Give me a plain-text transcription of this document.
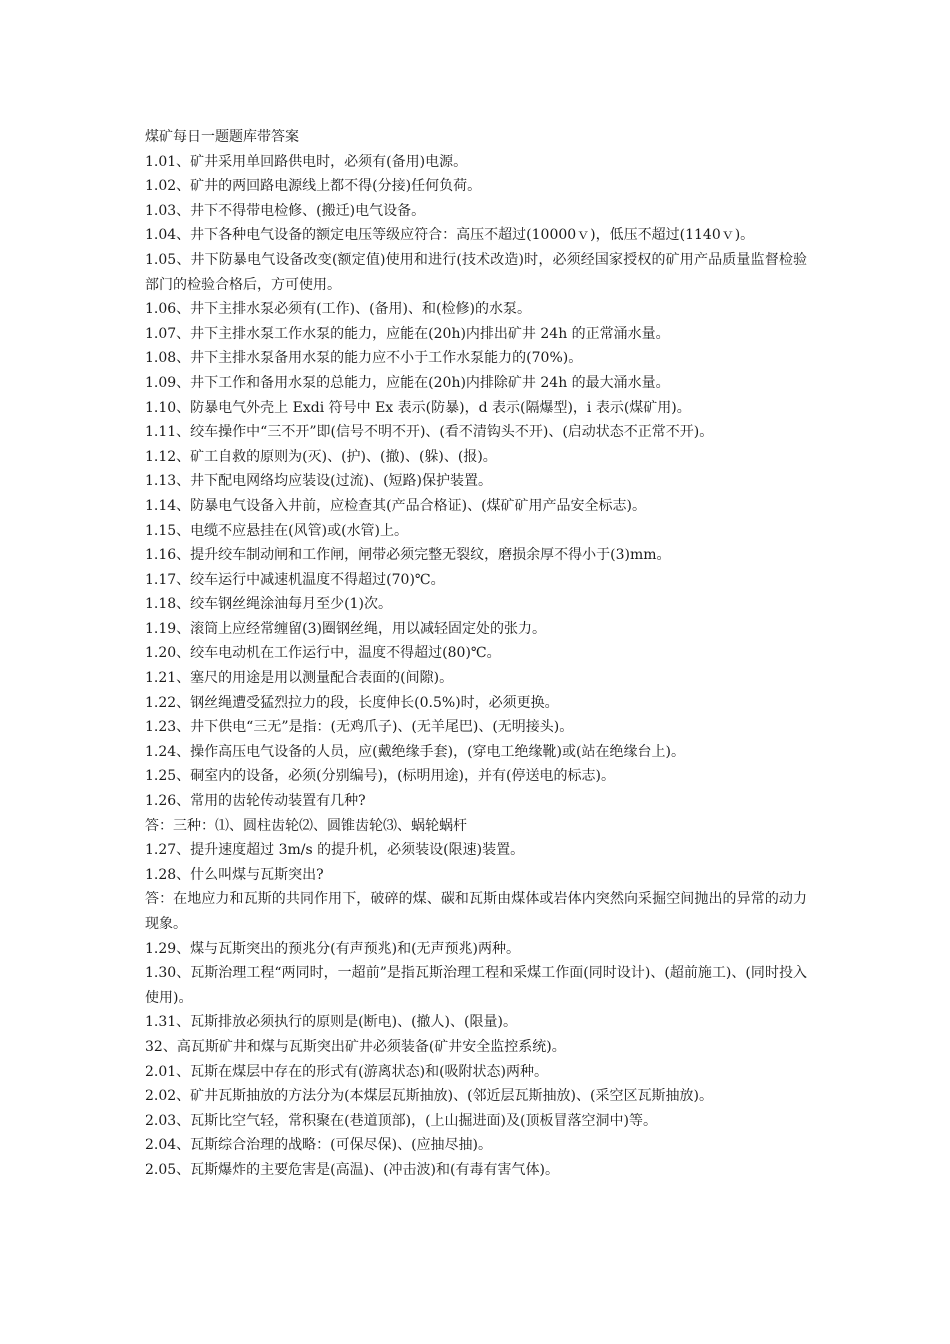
煤矿每日一题题库带答案

1.01、矿井采用单回路供电时，必须有(备用)电源。

1.02、矿井的两回路电源线上都不得(分接)任何负荷。

1.03、井下不得带电检修、(搬迁)电气设备。

1.04、井下各种电气设备的额定电压等级应符合：高压不超过(10000ｖ)，低压不超过(1140ｖ)。

1.05、井下防暴电气设备改变(额定值)使用和进行(技术改造)时，必须经国家授权的矿用产品质量监督检验部门的检验合格后，方可使用。

1.06、井下主排水泵必须有(工作)、(备用)、和(检修)的水泵。

1.07、井下主排水泵工作水泵的能力，应能在(20h)内排出矿井 24h 的正常涌水量。

1.08、井下主排水泵备用水泵的能力应不小于工作水泵能力的(70%)。

1.09、井下工作和备用水泵的总能力，应能在(20h)内排除矿井 24h 的最大涌水量。

1.10、防暴电气外壳上 Exdi 符号中 Ex 表示(防暴)，d 表示(隔爆型)，i 表示(煤矿用)。

1.11、绞车操作中“三不开”即(信号不明不开)、(看不清钩头不开)、(启动状态不正常不开)。

1.12、矿工自救的原则为(灭)、(护)、(撤)、(躲)、(报)。

1.13、井下配电网络均应装设(过流)、(短路)保护装置。

1.14、防暴电气设备入井前，应检查其(产品合格证)、(煤矿矿用产品安全标志)。

1.15、电缆不应悬挂在(风管)或(水管)上。

1.16、提升绞车制动闸和工作闸，闸带必须完整无裂纹，磨损余厚不得小于(3)mm。

1.17、绞车运行中减速机温度不得超过(70)℃。

1.18、绞车钢丝绳涂油每月至少(1)次。

1.19、滚筒上应经常缠留(3)圈钢丝绳，用以减轻固定处的张力。

1.20、绞车电动机在工作运行中，温度不得超过(80)℃。

1.21、塞尺的用途是用以测量配合表面的(间隙)。

1.22、钢丝绳遭受猛烈拉力的段，长度伸长(0.5%)时，必须更换。

1.23、井下供电“三无”是指：(无鸡爪子)、(无羊尾巴)、(无明接头)。

1.24、操作高压电气设备的人员，应(戴绝缘手套)，(穿电工绝缘靴)或(站在绝缘台上)。

1.25、硐室内的设备，必须(分别编号)，(标明用途)，并有(停送电的标志)。

1.26、常用的齿轮传动装置有几种?

答：三种：⑴、圆柱齿轮⑵、圆锥齿轮⑶、蜗轮蜗杆

1.27、提升速度超过 3m/s 的提升机，必须装设(限速)装置。

1.28、什么叫煤与瓦斯突出?

答：在地应力和瓦斯的共同作用下，破碎的煤、碳和瓦斯由煤体或岩体内突然向采掘空间抛出的异常的动力现象。

1.29、煤与瓦斯突出的预兆分(有声预兆)和(无声预兆)两种。

1.30、瓦斯治理工程“两同时，一超前”是指瓦斯治理工程和采煤工作面(同时设计)、(超前施工)、(同时投入使用)。

1.31、瓦斯排放必须执行的原则是(断电)、(撤人)、(限量)。

32、高瓦斯矿井和煤与瓦斯突出矿井必须装备(矿井安全监控系统)。

2.01、瓦斯在煤层中存在的形式有(游离状态)和(吸附状态)两种。

2.02、矿井瓦斯抽放的方法分为(本煤层瓦斯抽放)、(邻近层瓦斯抽放)、(采空区瓦斯抽放)。

2.03、瓦斯比空气轻，常积聚在(巷道顶部)，(上山掘进面)及(顶板冒落空洞中)等。

2.04、瓦斯综合治理的战略：(可保尽保)、(应抽尽抽)。

2.05、瓦斯爆炸的主要危害是(高温)、(冲击波)和(有毒有害气体)。
